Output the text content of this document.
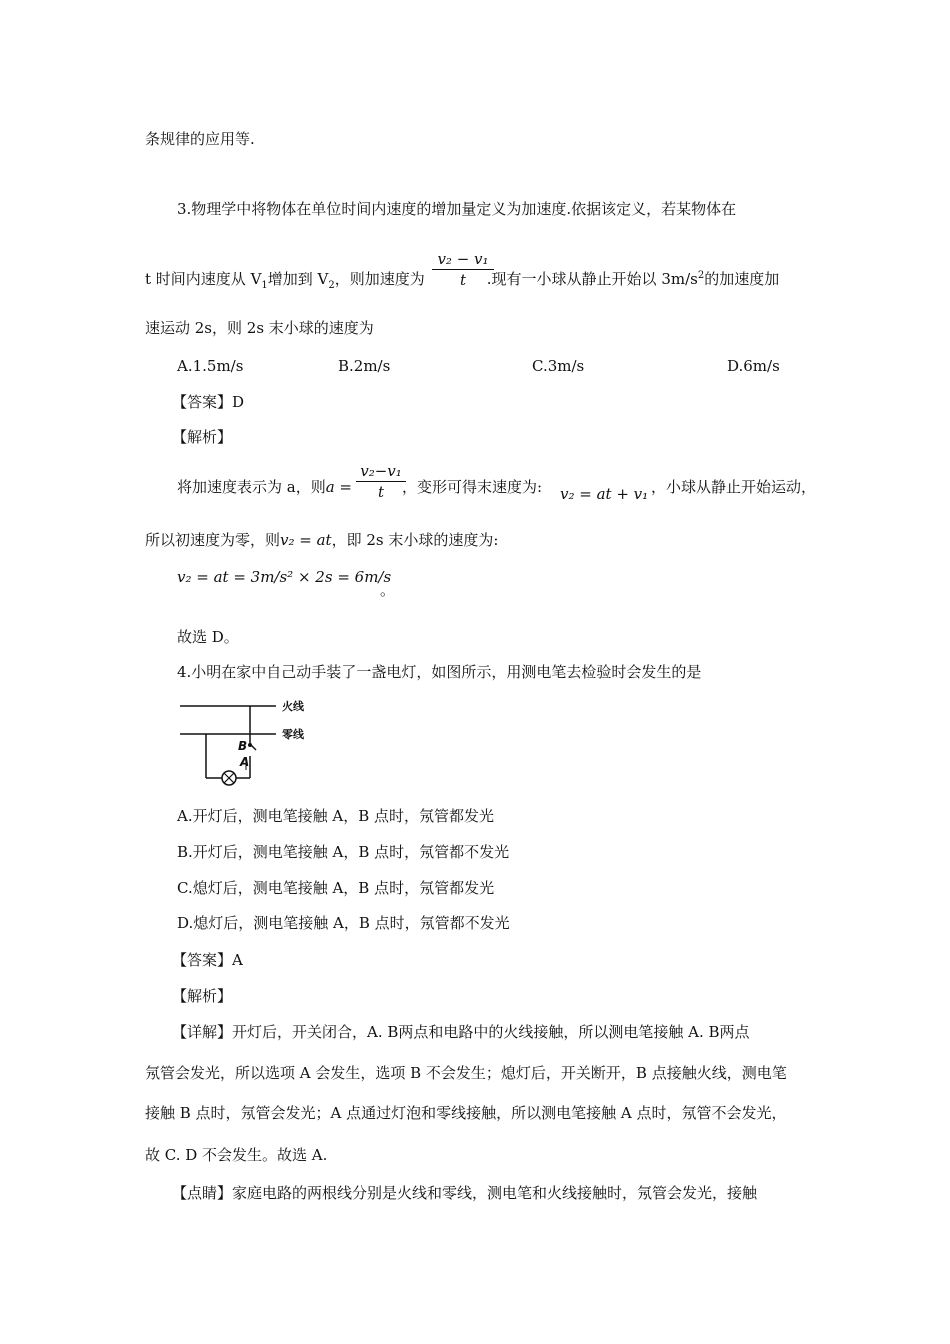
条规律的应用等.
3.物理学中将物体在单位时间内速度的增加量定义为加速度.依据该定义，若某物体在
t 时间内速度从 $V_1$增加到 $V_2$，则加速度为	.现有一小球从静止开始以 $3m/s^2$的加速度加
v₂ − v₁
t
速运动 2s，则 2s 末小球的速度为
A.1.5m/s	B.2m/s	C.3m/s	D.6m/s
【答案】D
【解析】
将加速度表示为 a，则a =	，变形可得末速度为:
v₂−v₁
t	v₂ = at + v₁ ，小球从静止开始运动，
所以初速度为零，则v₂ = at，即 2s 末小球的速度为:
v₂ = at = 3m/s² × 2s = 6m/s
。
故选 D。
4.小明在家中自己动手装了一盏电灯，如图所示，用测电笔去检验时会发生的是
火线
零线
B
A
A.开灯后，测电笔接触 A，B 点时，氖管都发光
B.开灯后，测电笔接触 A，B 点时，氖管都不发光
C.熄灯后，测电笔接触 A，B 点时，氖管都发光
D.熄灯后，测电笔接触 A，B 点时，氖管都不发光
【答案】A
【解析】
【详解】开灯后，开关闭合，A. B两点和电路中的火线接触，所以测电笔接触 A. B两点
氖管会发光，所以选项 A 会发生，选项 B 不会发生；熄灯后，开关断开，B 点接触火线，测电笔
接触 B 点时，氖管会发光；A 点通过灯泡和零线接触，所以测电笔接触 A 点时，氖管不会发光，
故 C. D 不会发生。故选 A.
【点睛】家庭电路的两根线分别是火线和零线，测电笔和火线接触时，氖管会发光，接触
